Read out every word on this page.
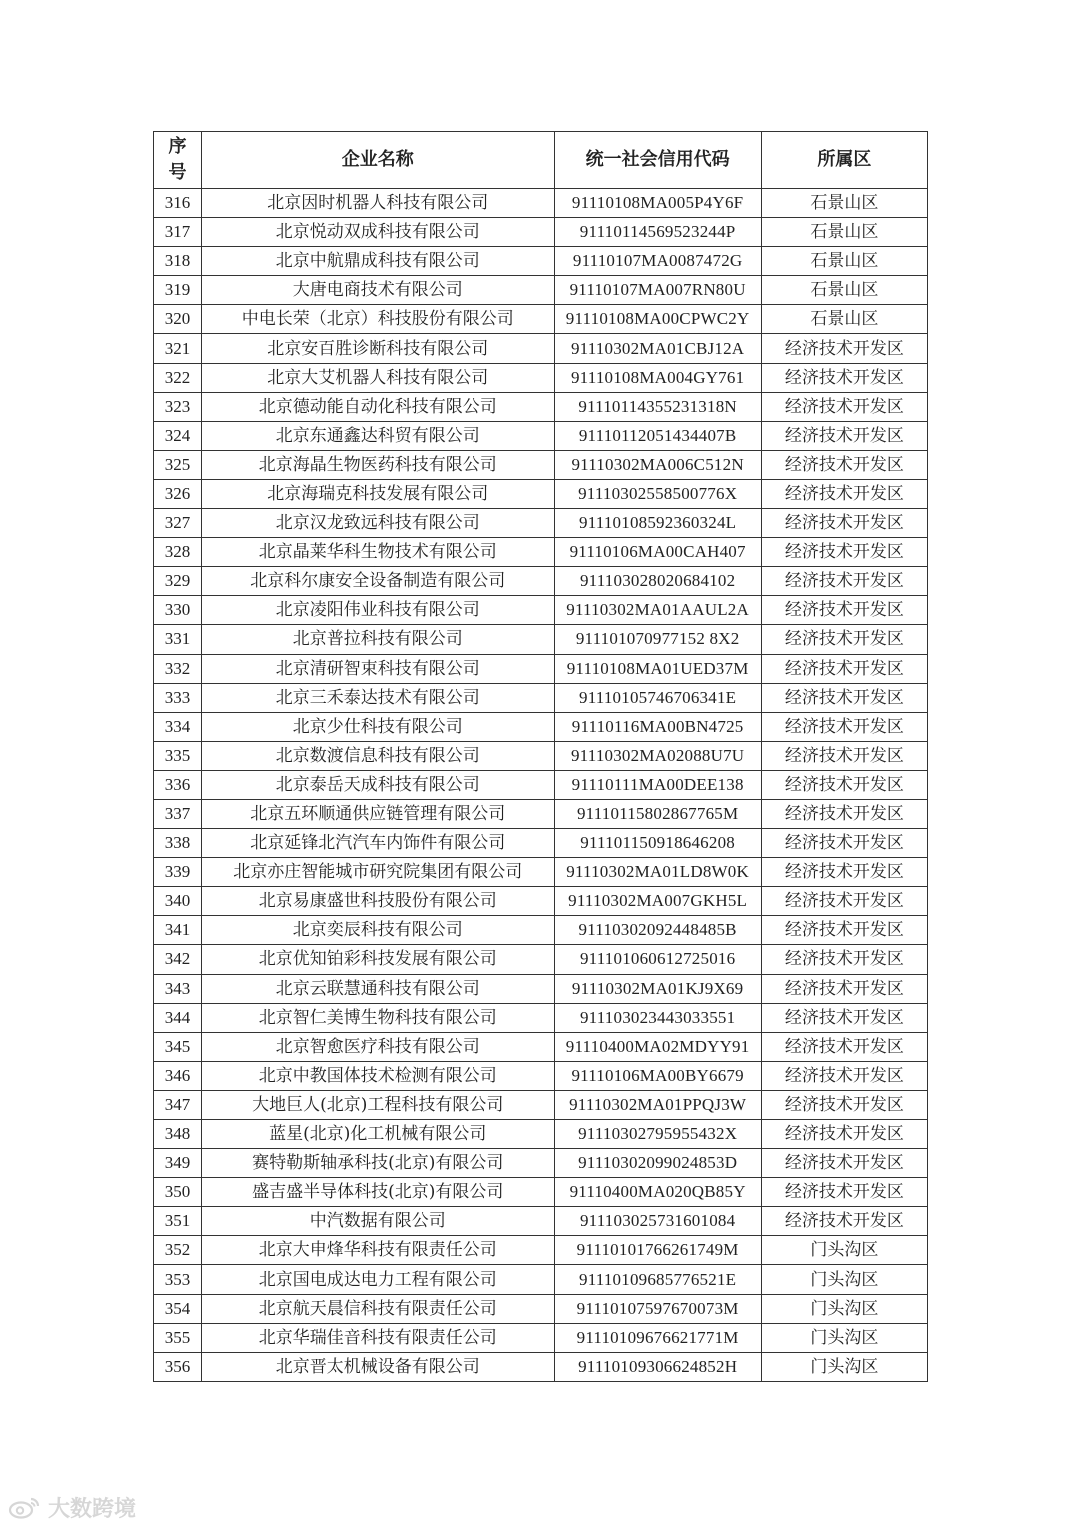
序
号	企业名称	统一社会信用代码	所属区
316	北京因时机器人科技有限公司	91110108MA005P4Y6F	石景山区
317	北京悦动双成科技有限公司	91110114569523244P	石景山区
318	北京中航鼎成科技有限公司	91110107MA0087472G	石景山区
319	大唐电商技术有限公司	91110107MA007RN80U	石景山区
320	中电长荣（北京）科技股份有限公司	91110108MA00CPWC2Y	石景山区
321	北京安百胜诊断科技有限公司	91110302MA01CBJ12A	经济技术开发区
322	北京大艾机器人科技有限公司	91110108MA004GY761	经济技术开发区
323	北京德动能自动化科技有限公司	91110114355231318N	经济技术开发区
324	北京东通鑫达科贸有限公司	91110112051434407B	经济技术开发区
325	北京海晶生物医药科技有限公司	91110302MA006C512N	经济技术开发区
326	北京海瑞克科技发展有限公司	91110302558500776X	经济技术开发区
327	北京汉龙致远科技有限公司	91110108592360324L	经济技术开发区
328	北京晶莱华科生物技术有限公司	91110106MA00CAH407	经济技术开发区
329	北京科尔康安全设备制造有限公司	911103028020684102	经济技术开发区
330	北京凌阳伟业科技有限公司	91110302MA01AAUL2A	经济技术开发区
331	北京普拉科技有限公司	911101070977152 8X2	经济技术开发区
332	北京清研智束科技有限公司	91110108MA01UED37M	经济技术开发区
333	北京三禾泰达技术有限公司	91110105746706341E	经济技术开发区
334	北京少仕科技有限公司	91110116MA00BN4725	经济技术开发区
335	北京数渡信息科技有限公司	91110302MA02088U7U	经济技术开发区
336	北京泰岳天成科技有限公司	91110111MA00DEE138	经济技术开发区
337	北京五环顺通供应链管理有限公司	91110115802867765M	经济技术开发区
338	北京延锋北汽汽车内饰件有限公司	911101150918646208	经济技术开发区
339	北京亦庄智能城市研究院集团有限公司	91110302MA01LD8W0K	经济技术开发区
340	北京易康盛世科技股份有限公司	91110302MA007GKH5L	经济技术开发区
341	北京奕辰科技有限公司	91110302092448485B	经济技术开发区
342	北京优知铂彩科技发展有限公司	911101060612725016	经济技术开发区
343	北京云联慧通科技有限公司	91110302MA01KJ9X69	经济技术开发区
344	北京智仁美博生物科技有限公司	911103023443033551	经济技术开发区
345	北京智愈医疗科技有限公司	91110400MA02MDYY91	经济技术开发区
346	北京中教国体技术检测有限公司	91110106MA00BY6679	经济技术开发区
347	大地巨人(北京)工程科技有限公司	91110302MA01PPQJ3W	经济技术开发区
348	蓝星(北京)化工机械有限公司	91110302795955432X	经济技术开发区
349	赛特勒斯轴承科技(北京)有限公司	91110302099024853D	经济技术开发区
350	盛吉盛半导体科技(北京)有限公司	91110400MA020QB85Y	经济技术开发区
351	中汽数据有限公司	911103025731601084	经济技术开发区
352	北京大申烽华科技有限责任公司	91110101766261749M	门头沟区
353	北京国电成达电力工程有限公司	91110109685776521E	门头沟区
354	北京航天晨信科技有限责任公司	91110107597670073M	门头沟区
355	北京华瑞佳音科技有限责任公司	91110109676621771M	门头沟区
356	北京晋太机械设备有限公司	91110109306624852H	门头沟区
大数跨境
